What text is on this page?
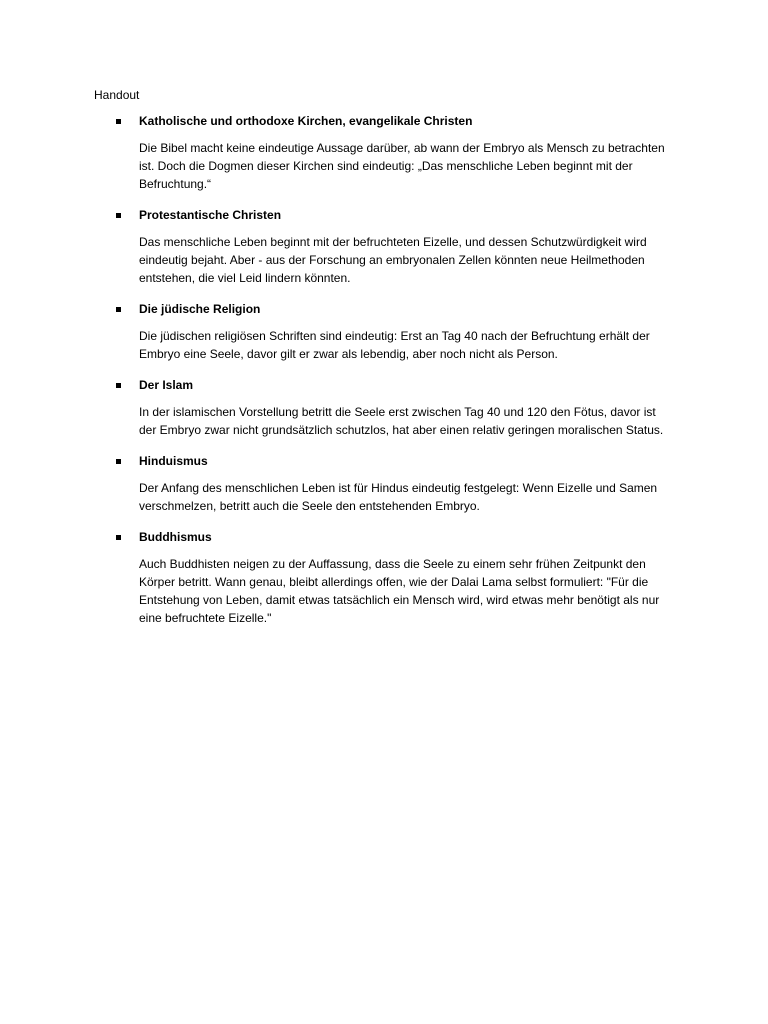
Handout
Katholische und orthodoxe Kirchen, evangelikale Christen

Die Bibel macht keine eindeutige Aussage darüber, ab wann der Embryo als Mensch zu betrachten ist. Doch die Dogmen dieser Kirchen sind eindeutig: „Das menschliche Leben beginnt mit der Befruchtung.“

Protestantische Christen

Das menschliche Leben beginnt mit der befruchteten Eizelle, und dessen Schutzwürdigkeit wird eindeutig bejaht. Aber - aus der Forschung an embryonalen Zellen könnten neue Heilmethoden entstehen, die viel Leid lindern könnten.

Die jüdische Religion

Die jüdischen religiösen Schriften sind eindeutig: Erst an Tag 40 nach der Befruchtung erhält der Embryo eine Seele, davor gilt er zwar als lebendig, aber noch nicht als Person.

Der Islam

In der islamischen Vorstellung betritt die Seele erst zwischen Tag 40 und 120 den Fötus, davor ist der Embryo zwar nicht grundsätzlich schutzlos, hat aber einen relativ geringen moralischen Status.

Hinduismus

Der Anfang des menschlichen Leben ist für Hindus eindeutig festgelegt: Wenn Eizelle und Samen verschmelzen, betritt auch die Seele den entstehenden Embryo.

Buddhismus

Auch Buddhisten neigen zu der Auffassung, dass die Seele zu einem sehr frühen Zeitpunkt den Körper betritt. Wann genau, bleibt allerdings offen, wie der Dalai Lama selbst formuliert: "Für die Entstehung von Leben, damit etwas tatsächlich ein Mensch wird, wird etwas mehr benötigt als nur eine befruchtete Eizelle."
